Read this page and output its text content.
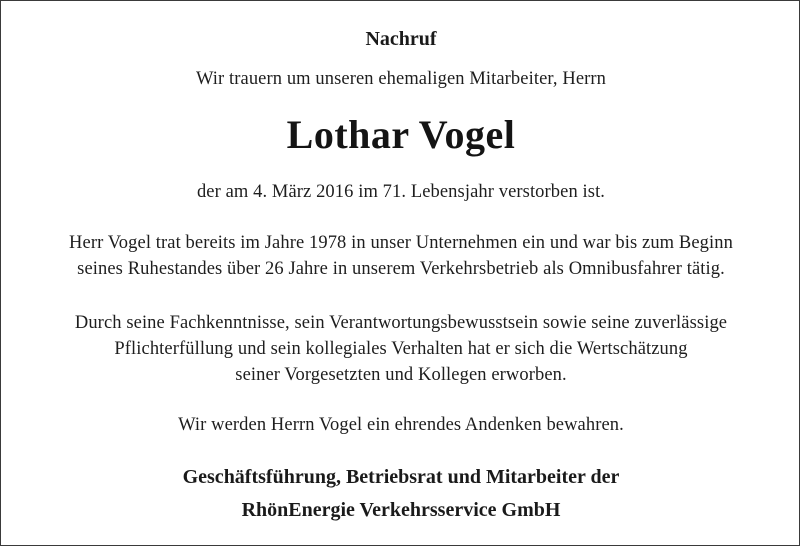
Nachruf
Wir trauern um unseren ehemaligen Mitarbeiter, Herrn
Lothar Vogel
der am 4. März 2016 im 71. Lebensjahr verstorben ist.
Herr Vogel trat bereits im Jahre 1978 in unser Unternehmen ein und war bis zum Beginn
seines Ruhestandes über 26 Jahre in unserem Verkehrsbetrieb als Omnibusfahrer tätig.
Durch seine Fachkenntnisse, sein Verantwortungsbewusstsein sowie seine zuverlässige
Pflichterfüllung und sein kollegiales Verhalten hat er sich die Wertschätzung
seiner Vorgesetzten und Kollegen erworben.
Wir werden Herrn Vogel ein ehrendes Andenken bewahren.
Geschäftsführung, Betriebsrat und Mitarbeiter der
RhönEnergie Verkehrsservice GmbH
